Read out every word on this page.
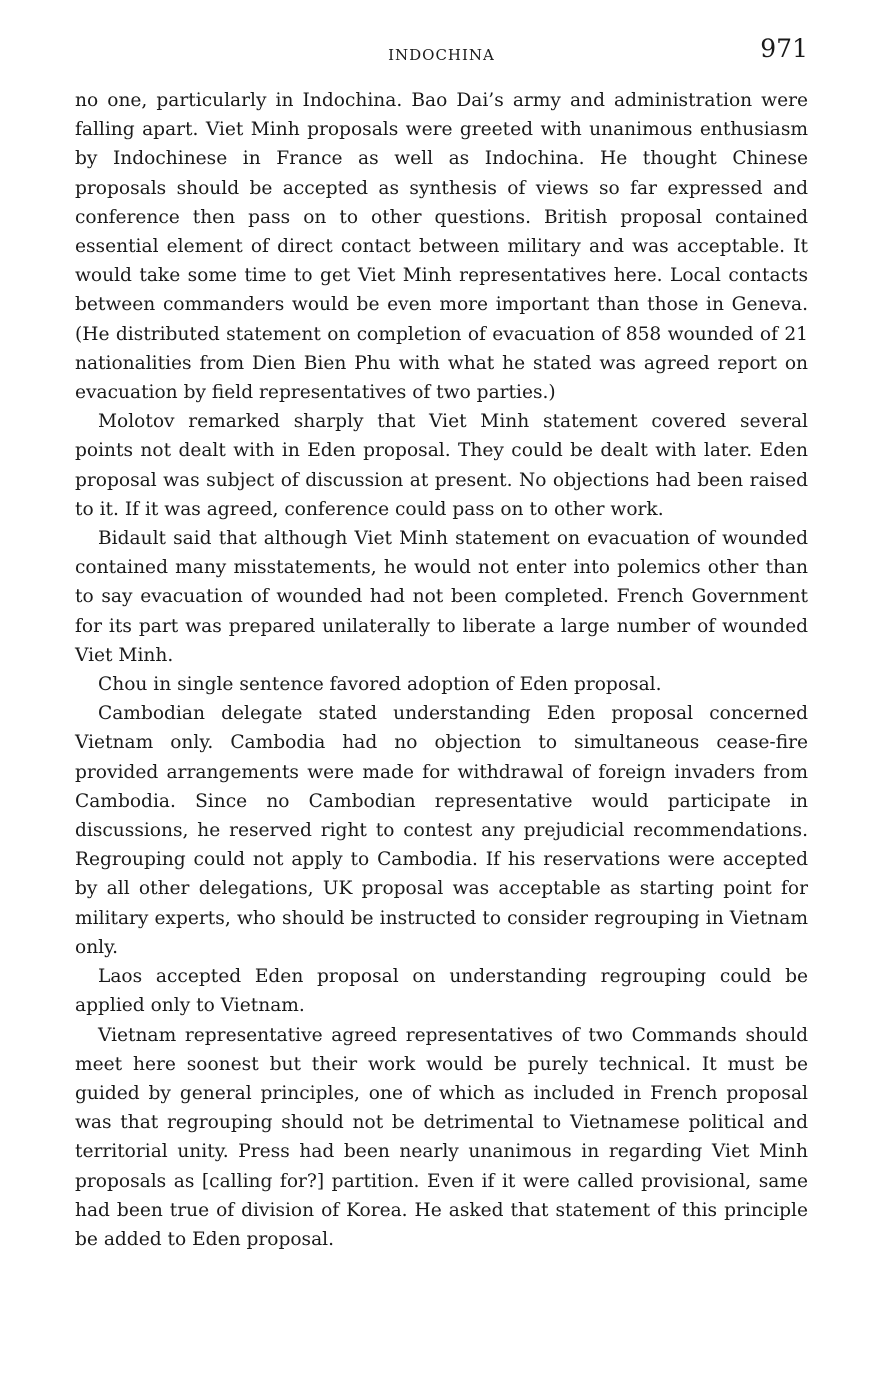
INDOCHINA	971

no one, particularly in Indochina. Bao Dai’s army and administration were falling apart. Viet Minh proposals were greeted with unanimous enthusiasm by Indochinese in France as well as Indochina. He thought Chinese proposals should be accepted as synthesis of views so far expressed and conference then pass on to other questions. British proposal contained essential element of direct contact between military and was acceptable. It would take some time to get Viet Minh representatives here. Local contacts between commanders would be even more important than those in Geneva. (He distributed statement on completion of evacuation of 858 wounded of 21 nationalities from Dien Bien Phu with what he stated was agreed report on evacuation by field representatives of two parties.)

Molotov remarked sharply that Viet Minh statement covered several points not dealt with in Eden proposal. They could be dealt with later. Eden proposal was subject of discussion at present. No objections had been raised to it. If it was agreed, conference could pass on to other work.

Bidault said that although Viet Minh statement on evacuation of wounded contained many misstatements, he would not enter into polemics other than to say evacuation of wounded had not been completed. French Government for its part was prepared unilaterally to liberate a large number of wounded Viet Minh.

Chou in single sentence favored adoption of Eden proposal.

Cambodian delegate stated understanding Eden proposal concerned Vietnam only. Cambodia had no objection to simultaneous cease-fire provided arrangements were made for withdrawal of foreign invaders from Cambodia. Since no Cambodian representative would participate in discussions, he reserved right to contest any prejudicial recommendations. Regrouping could not apply to Cambodia. If his reservations were accepted by all other delegations, UK proposal was acceptable as starting point for military experts, who should be instructed to consider regrouping in Vietnam only.

Laos accepted Eden proposal on understanding regrouping could be applied only to Vietnam.

Vietnam representative agreed representatives of two Commands should meet here soonest but their work would be purely technical. It must be guided by general principles, one of which as included in French proposal was that regrouping should not be detrimental to Vietnamese political and territorial unity. Press had been nearly unanimous in regarding Viet Minh proposals as [calling for?] partition. Even if it were called provisional, same had been true of division of Korea. He asked that statement of this principle be added to Eden proposal.
